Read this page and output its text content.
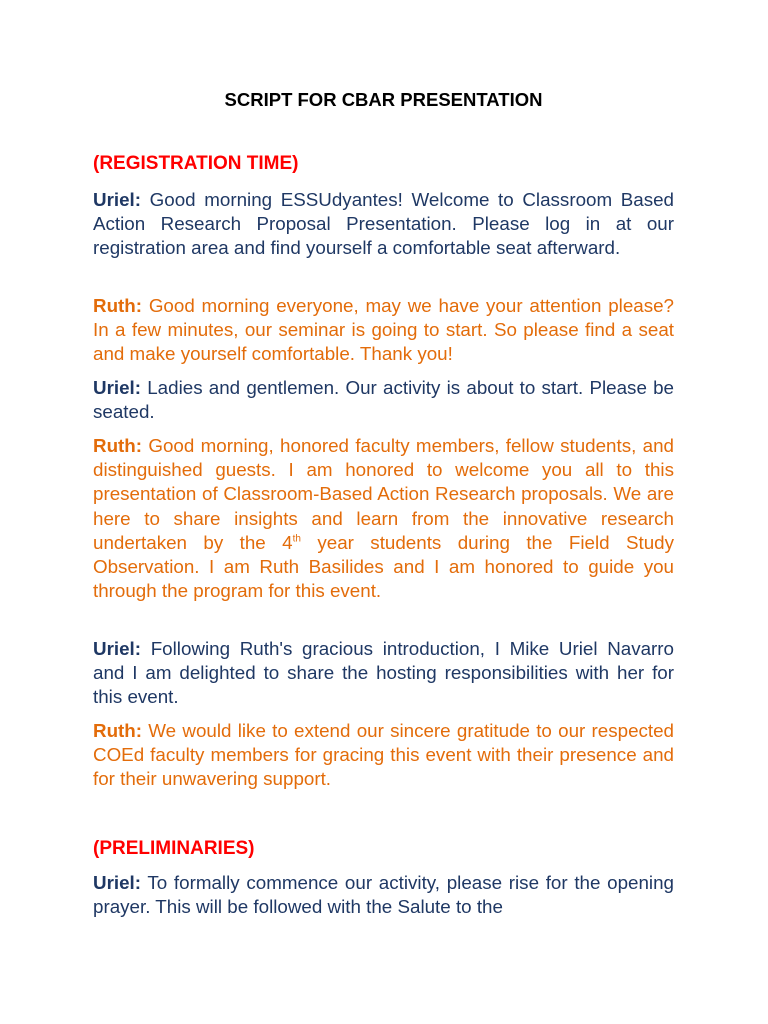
SCRIPT FOR CBAR PRESENTATION

(REGISTRATION TIME)

Uriel: Good morning ESSUdyantes! Welcome to Classroom Based Action Research Proposal Presentation. Please log in at our registration area and find yourself a comfortable seat afterward.

Ruth: Good morning everyone, may we have your attention please? In a few minutes, our seminar is going to start. So please find a seat and make yourself comfortable. Thank you!

Uriel: Ladies and gentlemen. Our activity is about to start. Please be seated.

Ruth: Good morning, honored faculty members, fellow students, and distinguished guests. I am honored to welcome you all to this presentation of Classroom-Based Action Research proposals. We are here to share insights and learn from the innovative research undertaken by the 4th year students during the Field Study Observation. I am Ruth Basilides and I am honored to guide you through the program for this event.

Uriel: Following Ruth's gracious introduction, I Mike Uriel Navarro and I am delighted to share the hosting responsibilities with her for this event.

Ruth: We would like to extend our sincere gratitude to our respected COEd faculty members for gracing this event with their presence and for their unwavering support.

(PRELIMINARIES)

Uriel: To formally commence our activity, please rise for the opening prayer. This will be followed with the Salute to the
